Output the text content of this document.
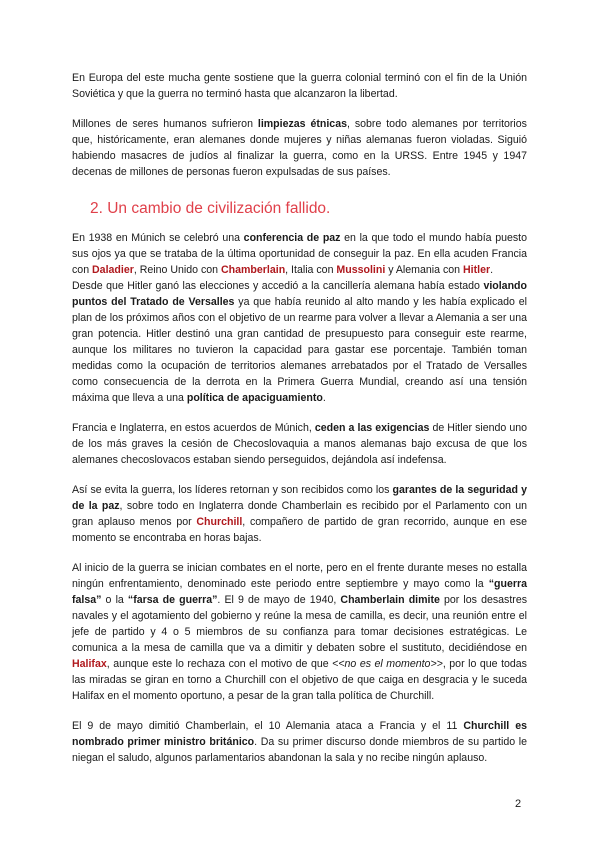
En Europa del este mucha gente sostiene que la guerra colonial terminó con el fin de la Unión Soviética y que la guerra no terminó hasta que alcanzaron la libertad.

Millones de seres humanos sufrieron limpiezas étnicas, sobre todo alemanes por territorios que, históricamente, eran alemanes donde mujeres y niñas alemanas fueron violadas. Siguió habiendo masacres de judíos al finalizar la guerra, como en la URSS. Entre 1945 y 1947 decenas de millones de personas fueron expulsadas de sus países.

2. Un cambio de civilización fallido.

En 1938 en Múnich se celebró una conferencia de paz en la que todo el mundo había puesto sus ojos ya que se trataba de la última oportunidad de conseguir la paz. En ella acuden Francia con Daladier, Reino Unido con Chamberlain, Italia con Mussolini y Alemania con Hitler.

Desde que Hitler ganó las elecciones y accedió a la cancillería alemana había estado violando puntos del Tratado de Versalles ya que había reunido al alto mando y les había explicado el plan de los próximos años con el objetivo de un rearme para volver a llevar a Alemania a ser una gran potencia. Hitler destinó una gran cantidad de presupuesto para conseguir este rearme, aunque los militares no tuvieron la capacidad para gastar ese porcentaje. También toman medidas como la ocupación de territorios alemanes arrebatados por el Tratado de Versalles como consecuencia de la derrota en la Primera Guerra Mundial, creando así una tensión máxima que lleva a una política de apaciguamiento.

Francia e Inglaterra, en estos acuerdos de Múnich, ceden a las exigencias de Hitler siendo uno de los más graves la cesión de Checoslovaquia a manos alemanas bajo excusa de que los alemanes checoslovacos estaban siendo perseguidos, dejándola así indefensa.

Así se evita la guerra, los líderes retornan y son recibidos como los garantes de la seguridad y de la paz, sobre todo en Inglaterra donde Chamberlain es recibido por el Parlamento con un gran aplauso menos por Churchill, compañero de partido de gran recorrido, aunque en ese momento se encontraba en horas bajas.

Al inicio de la guerra se inician combates en el norte, pero en el frente durante meses no estalla ningún enfrentamiento, denominado este periodo entre septiembre y mayo como la “guerra falsa” o la “farsa de guerra”. El 9 de mayo de 1940, Chamberlain dimite por los desastres navales y el agotamiento del gobierno y reúne la mesa de camilla, es decir, una reunión entre el jefe de partido y 4 o 5 miembros de su confianza para tomar decisiones estratégicas. Le comunica a la mesa de camilla que va a dimitir y debaten sobre el sustituto, decidiéndose en Halifax, aunque este lo rechaza con el motivo de que <<no es el momento>>, por lo que todas las miradas se giran en torno a Churchill con el objetivo de que caiga en desgracia y le suceda Halifax en el momento oportuno, a pesar de la gran talla política de Churchill.

El 9 de mayo dimitió Chamberlain, el 10 Alemania ataca a Francia y el 11 Churchill es nombrado primer ministro británico. Da su primer discurso donde miembros de su partido le niegan el saludo, algunos parlamentarios abandonan la sala y no recibe ningún aplauso.

2
